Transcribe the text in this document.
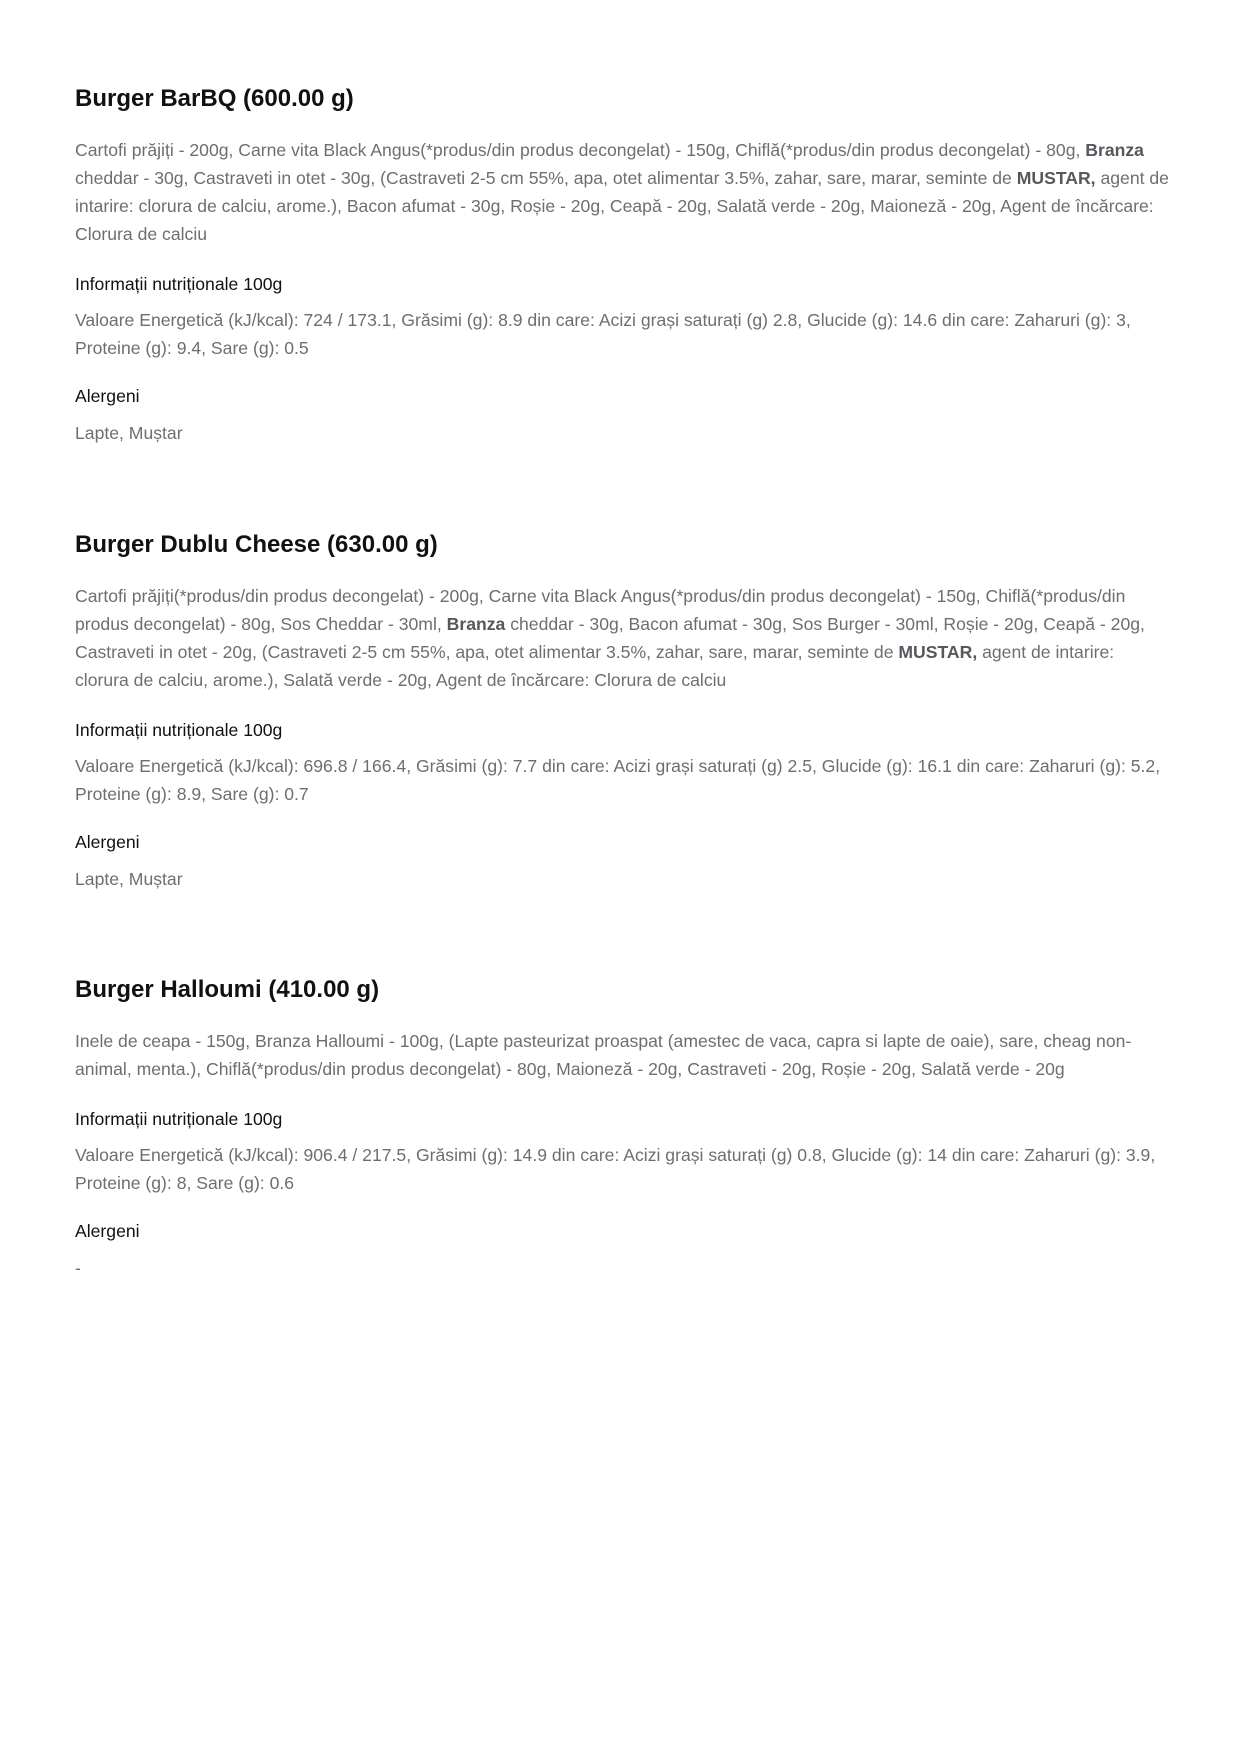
Burger BarBQ (600.00 g)

Cartofi prăjiți - 200g, Carne vita Black Angus(*produs/din produs decongelat) - 150g, Chiflă(*produs/din produs decongelat) - 80g, Branza cheddar - 30g, Castraveti in otet - 30g, (Castraveti 2-5 cm 55%, apa, otet alimentar 3.5%, zahar, sare, marar, seminte de MUSTAR, agent de intarire: clorura de calciu, arome.), Bacon afumat - 30g, Roșie - 20g, Ceapă - 20g, Salată verde - 20g, Maioneză - 20g, Agent de încărcare: Clorura de calciu

Informații nutriționale 100g
Valoare Energetică (kJ/kcal): 724 / 173.1, Grăsimi (g): 8.9 din care: Acizi grași saturați (g) 2.8, Glucide (g): 14.6 din care: Zaharuri (g): 3, Proteine (g): 9.4, Sare (g): 0.5
Alergeni
Lapte, Muștar
Burger Dublu Cheese (630.00 g)

Cartofi prăjiți(*produs/din produs decongelat) - 200g, Carne vita Black Angus(*produs/din produs decongelat) - 150g, Chiflă(*produs/din produs decongelat) - 80g, Sos Cheddar - 30ml, Branza cheddar - 30g, Bacon afumat - 30g, Sos Burger - 30ml, Roșie - 20g, Ceapă - 20g, Castraveti in otet - 20g, (Castraveti 2-5 cm 55%, apa, otet alimentar 3.5%, zahar, sare, marar, seminte de MUSTAR, agent de intarire: clorura de calciu, arome.), Salată verde - 20g, Agent de încărcare: Clorura de calciu

Informații nutriționale 100g
Valoare Energetică (kJ/kcal): 696.8 / 166.4, Grăsimi (g): 7.7 din care: Acizi grași saturați (g) 2.5, Glucide (g): 16.1 din care: Zaharuri (g): 5.2, Proteine (g): 8.9, Sare (g): 0.7
Alergeni
Lapte, Muștar
Burger Halloumi (410.00 g)

Inele de ceapa - 150g, Branza Halloumi - 100g, (Lapte pasteurizat proaspat (amestec de vaca, capra si lapte de oaie), sare, cheag non-animal, menta.), Chiflă(*produs/din produs decongelat) - 80g, Maioneză - 20g, Castraveti - 20g, Roșie - 20g, Salată verde - 20g

Informații nutriționale 100g
Valoare Energetică (kJ/kcal): 906.4 / 217.5, Grăsimi (g): 14.9 din care: Acizi grași saturați (g) 0.8, Glucide (g): 14 din care: Zaharuri (g): 3.9, Proteine (g): 8, Sare (g): 0.6
Alergeni
-
